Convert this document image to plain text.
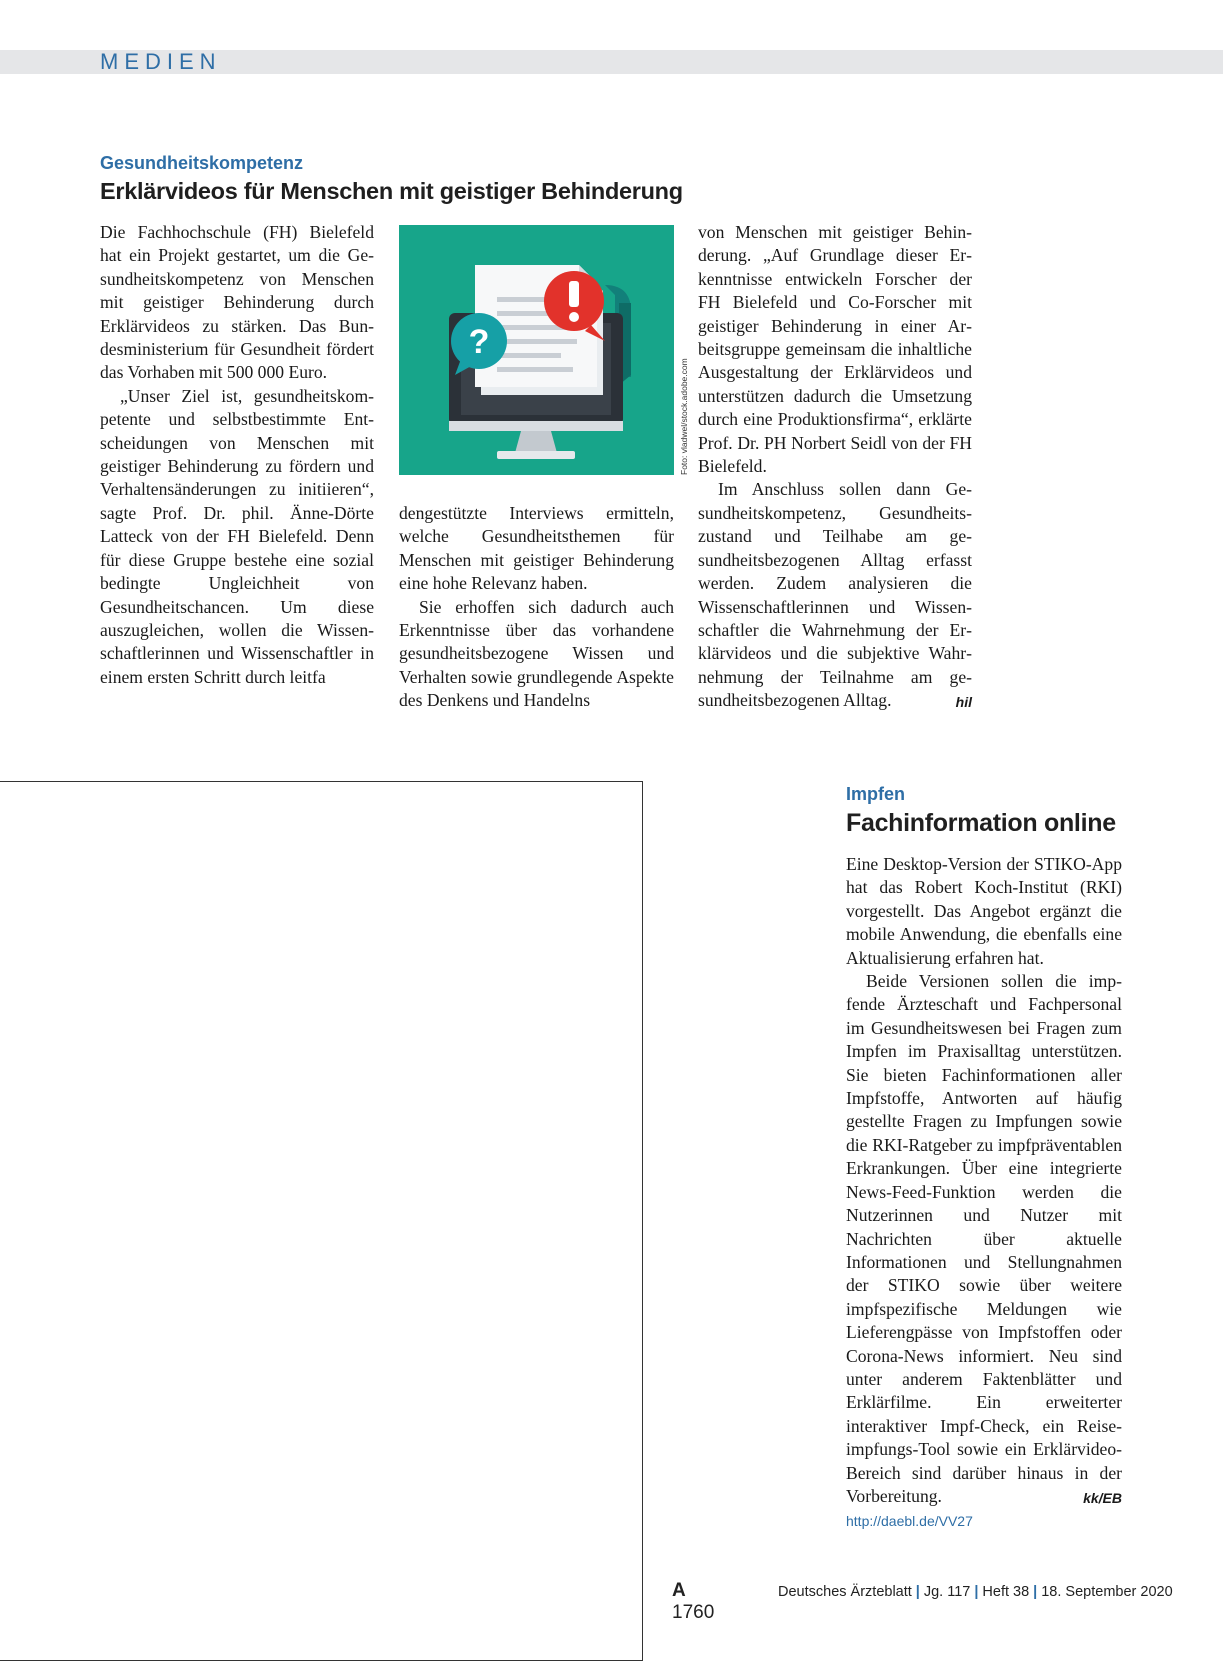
MEDIEN
Gesundheitskompetenz
Erklärvideos für Menschen mit geistiger Behinderung

Die Fachhochschule (FH) Bielefeld hat ein Projekt gestartet, um die Gesundheitskompetenz von Menschen mit geistiger Behinderung durch Erklärvideos zu stärken. Das Bundesministerium für Gesundheit fördert das Vorhaben mit 500 000 Euro.

„Unser Ziel ist, gesundheitskompetente und selbstbestimmte Entscheidungen von Menschen mit geistiger Behinderung zu fördern und Verhaltensänderungen zu initiieren“, sagte Prof. Dr. phil. Änne-Dörte Latteck von der FH Bielefeld. Denn für diese Gruppe bestehe eine sozial bedingte Ungleichheit von Gesundheitschancen. Um diese auszugleichen, wollen die Wissenschaftlerinnen und Wissenschaftler in einem ersten Schritt durch leitfa

?
Foto: vladwel/stock.adobe.com

dengestützte Interviews ermitteln, welche Gesundheitsthemen für Menschen mit geistiger Behinderung eine hohe Relevanz haben.

Sie erhoffen sich dadurch auch Erkenntnisse über das vorhandene gesundheitsbezogene Wissen und Verhalten sowie grundlegende Aspekte des Denkens und Handelns

von Menschen mit geistiger Behinderung. „Auf Grundlage dieser Erkenntnisse entwickeln Forscher der FH Bielefeld und Co-Forscher mit geistiger Behinderung in einer Arbeitsgruppe gemeinsam die inhaltliche Ausgestaltung der Erklärvideos und unterstützen dadurch die Umsetzung durch eine Produktionsfirma“, erklärte Prof. Dr. PH Norbert Seidl von der FH Bielefeld.

Im Anschluss sollen dann Gesundheitskompetenz, Gesundheitszustand und Teilhabe am gesundheitsbezogenen Alltag erfasst werden. Zudem analysieren die Wissenschaftlerinnen und Wissenschaftler die Wahrnehmung der Erklärvideos und die subjektive Wahrnehmung der Teilnahme am gesundheitsbezogenen Alltag.	hil

Impfen
Fachinformation online

Eine Desktop-Version der STIKO-App hat das Robert Koch-Institut (RKI) vorgestellt. Das Angebot ergänzt die mobile Anwendung, die ebenfalls eine Aktualisierung erfahren hat.

Beide Versionen sollen die impfende Ärzteschaft und Fachpersonal im Gesundheitswesen bei Fragen zum Impfen im Praxisalltag unterstützen. Sie bieten Fachinformationen aller Impfstoffe, Antworten auf häufig gestellte Fragen zu Impfungen sowie die RKI-Ratgeber zu impfpräventablen Erkrankungen. Über eine integrierte News-Feed-Funktion werden die Nutzerinnen und Nutzer mit Nachrichten über aktuelle Informationen und Stellungnahmen der STIKO sowie über weitere impfspezifische Meldungen wie Lieferengpässe von Impfstoffen oder Corona-News informiert. Neu sind unter anderem Faktenblätter und Erklärfilme. Ein erweiterter interaktiver Impf-Check, ein Reiseimpfungs-Tool sowie ein Erklärvideo-Bereich sind darüber hinaus in der Vorbereitung.	kk/EB

http://daebl.de/VV27
A 1760
Deutsches Ärzteblatt | Jg. 117 | Heft 38 | 18. September 2020
